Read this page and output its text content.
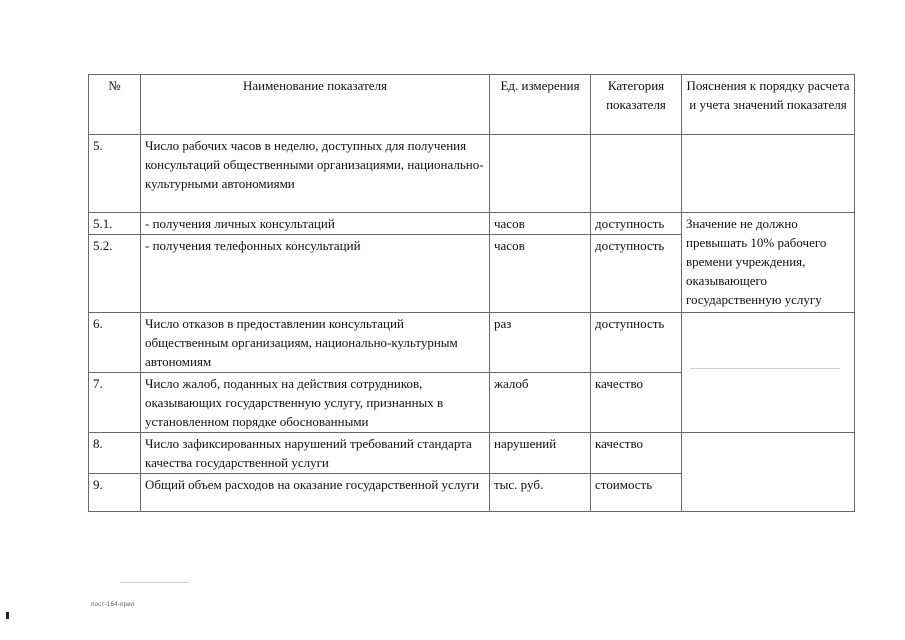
№	Наименование показателя	Ед. измерения	Категория показателя	Пояснения к порядку расчета и учета значений показателя
5.	Число рабочих часов в неделю, доступных для получения консультаций общественными организациями, национально-культурными автономиями			
5.1.	- получения личных консультаций	часов	доступность	Значение не должно превышать 10% рабочего времени учреждения, оказывающего государственную услугу
5.2.	- получения телефонных консультаций	часов	доступность	
6.	Число отказов в предоставлении консультаций общественным организациям, национально-культурным автономиям	раз	доступность	
7.	Число жалоб, поданных на действия сотрудников, оказывающих государственную услугу, признанных в установленном порядке обоснованными	жалоб	качество	
8.	Число зафиксированных нарушений требований стандарта качества государственной услуги	нарушений	качество	
9.	Общий объем расходов на оказание государственной услуги	тыс. руб.	стоимость	
пост-164-прил
